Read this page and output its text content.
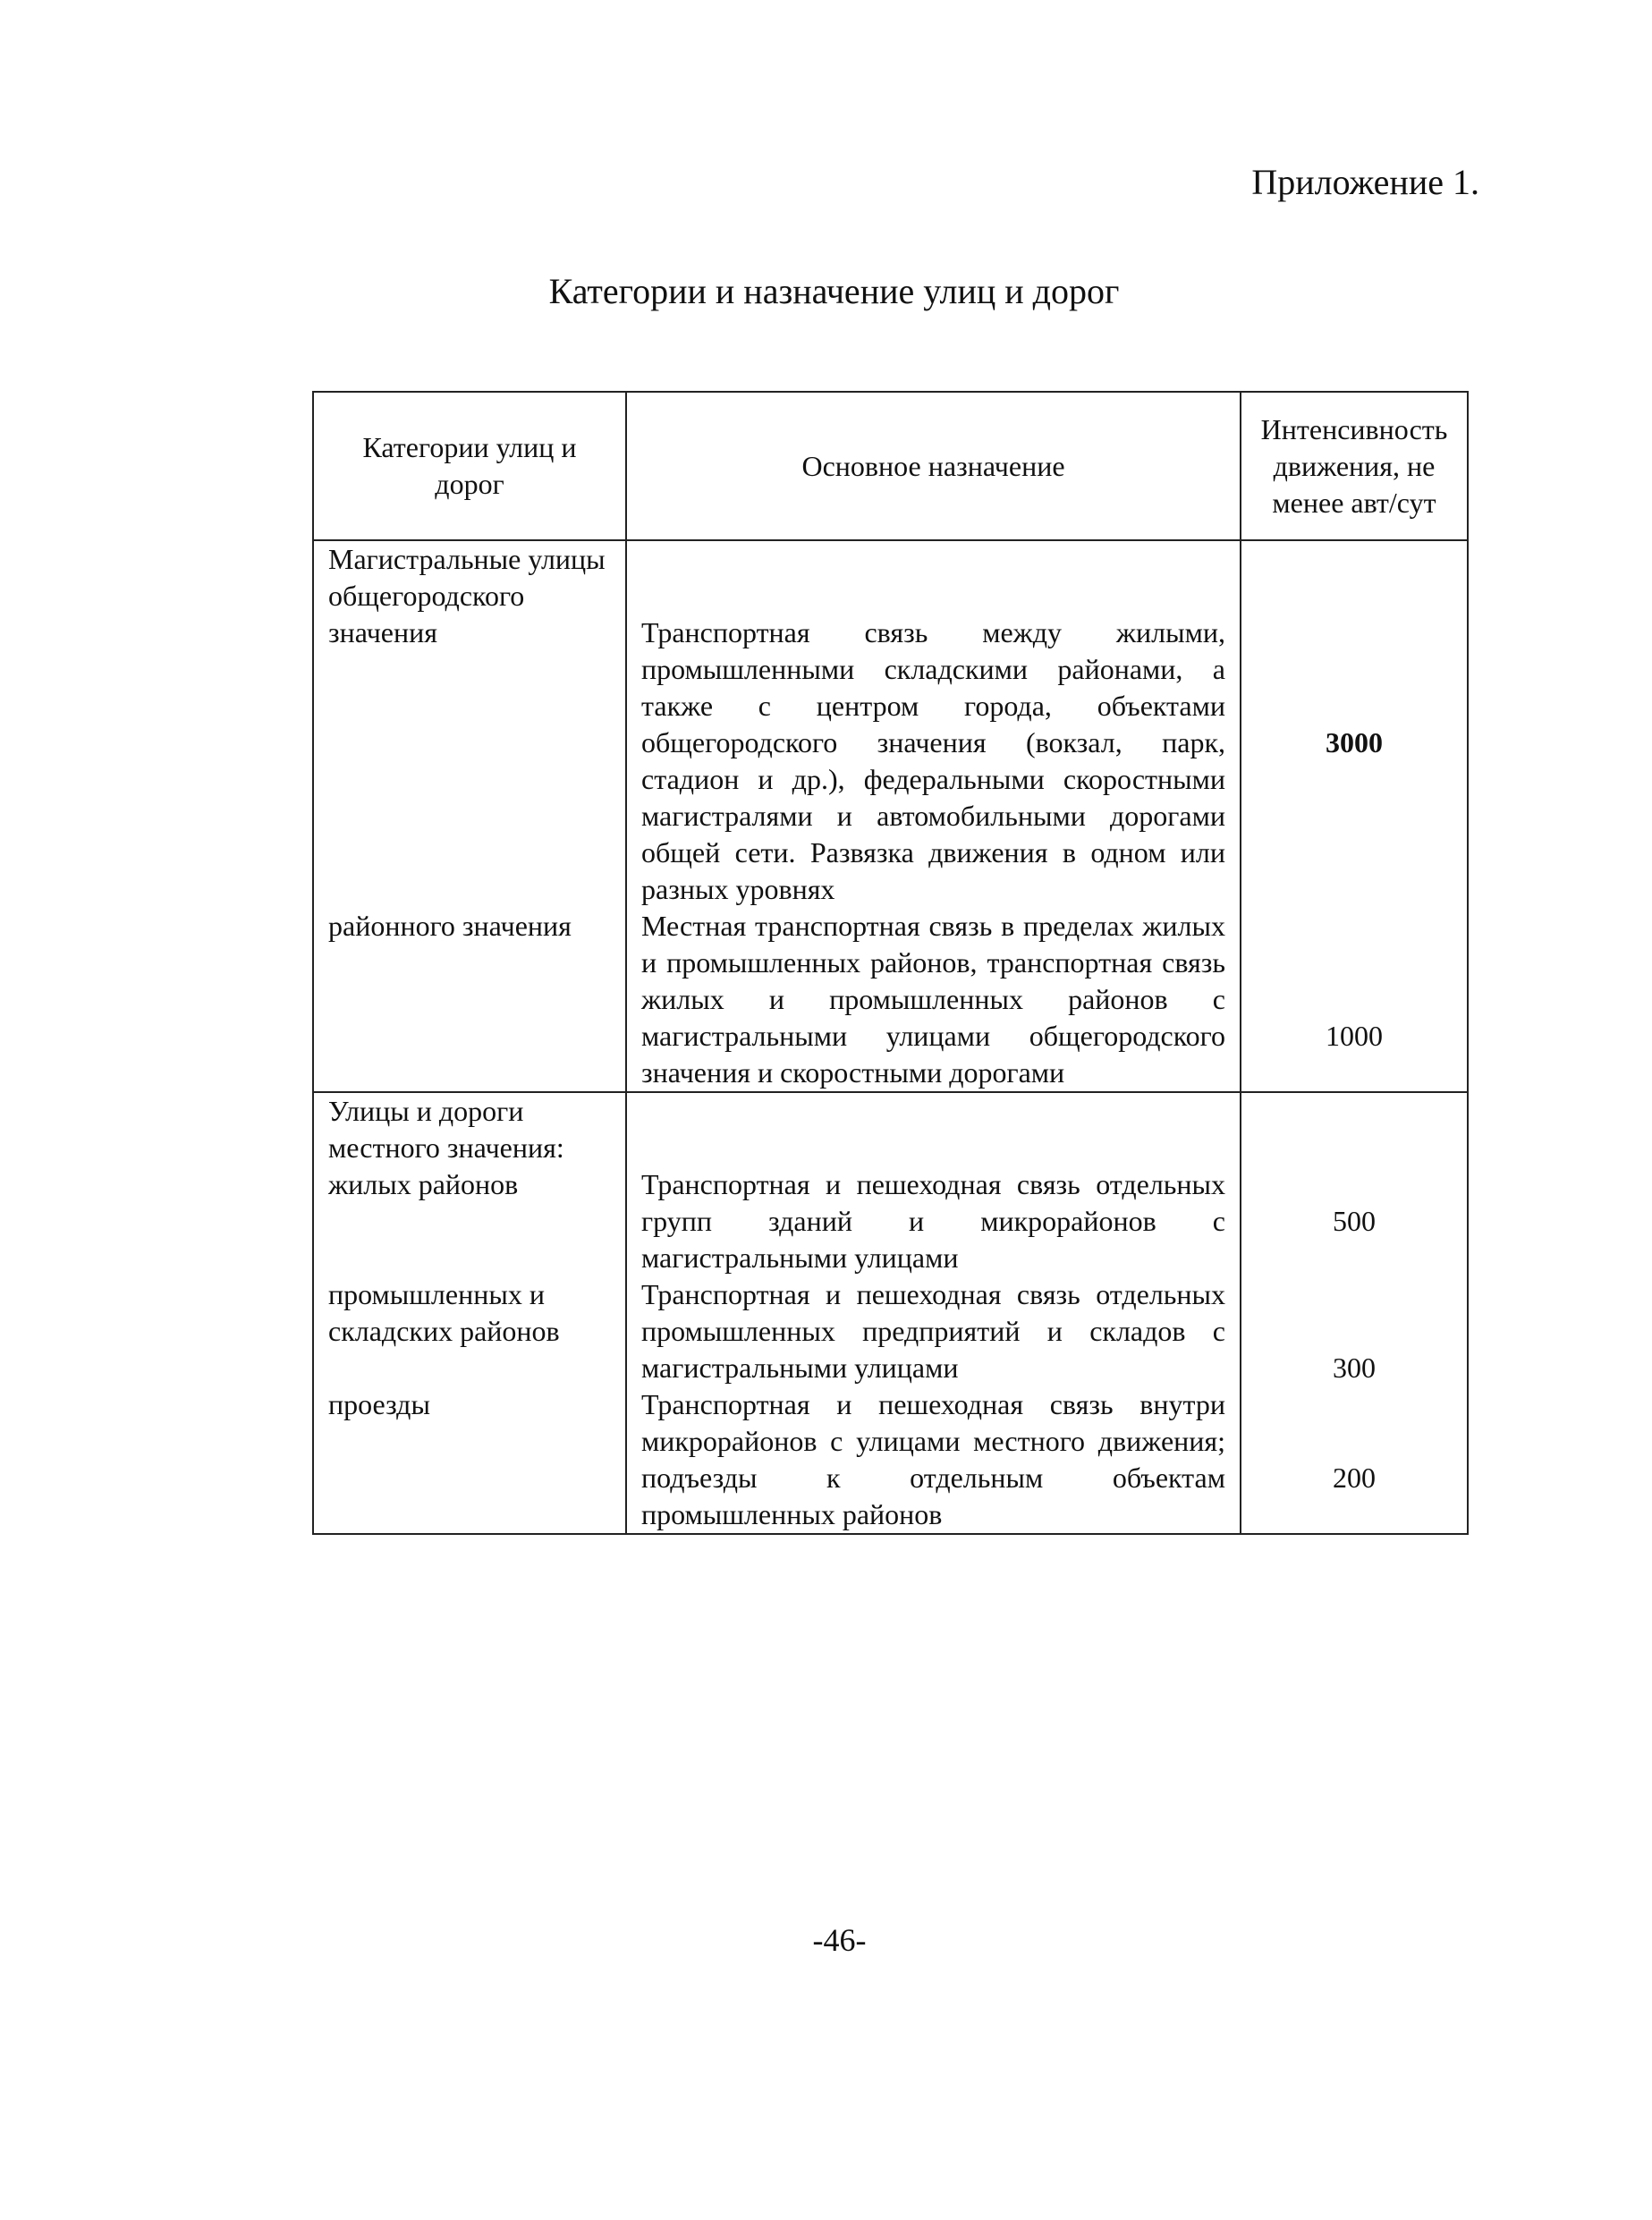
Приложение 1.
Категории и назначение улиц и дорог
Категории улиц и дорог	Основное назначение	Интенсивность движения, не менее авт/сут

Магистральные улицы
общегородского значения	Транспортная связь между жилыми, промышленными складскими районами, а также с центром города, объектами общегородского значения (вокзал, парк, стадион и др.), федеральными скоростными магистралями и автомобильными дорогами общей сети. Развязка движения в одном или разных уровнях	3000

районного значения	Местная транспортная связь в пределах жилых и промышленных районов, транспортная связь жилых и промышленных районов с магистральными улицами общегородского значения и скоростными дорогами	1000

Улицы и дороги местного значения:
жилых районов	Транспортная и пешеходная связь отдельных групп зданий и микрорайонов с магистральными улицами	500

промышленных и складских районов	Транспортная и пешеходная связь отдельных промышленных предприятий и складов с магистральными улицами	300

проезды	Транспортная и пешеходная связь внутри микрорайонов с улицами местного движения; подъезды к отдельным объектам промышленных районов	200
-46-
